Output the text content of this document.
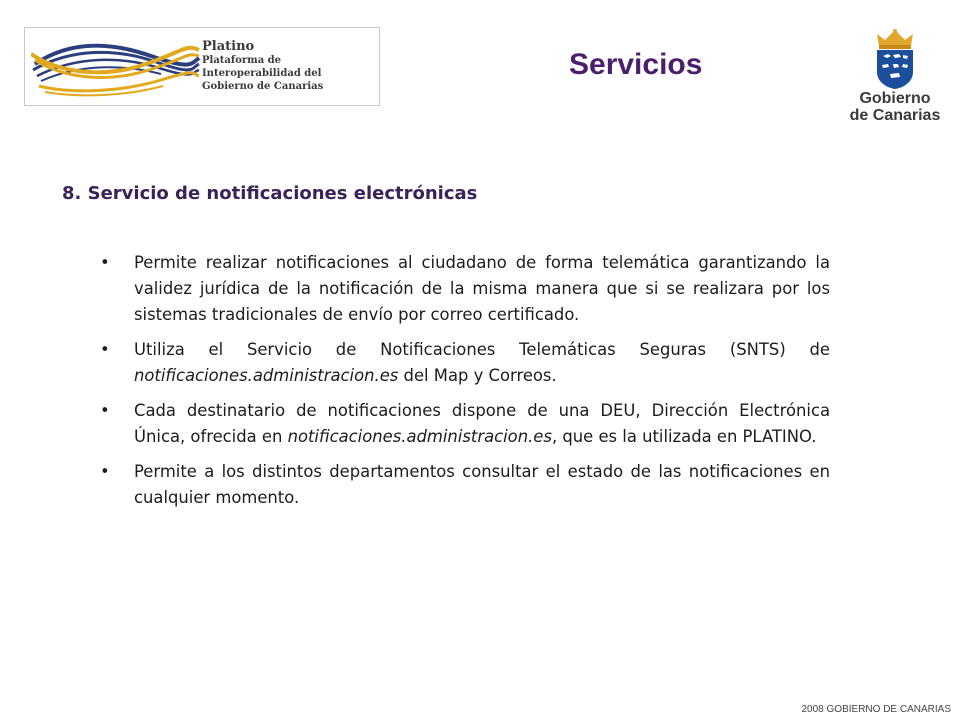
Platino
Plataforma de Interoperabilidad del
Gobierno de Canarias
Servicios
Gobierno
de Canarias
8. Servicio de notificaciones electrónicas
• Permite realizar notificaciones al ciudadano de forma telemática garantizando la validez jurídica de la notificación de la misma manera que si se realizara por los sistemas tradicionales de envío por correo certificado.
• Utiliza el Servicio de Notificaciones Telemáticas Seguras (SNTS) de notificaciones.administracion.es del Map y Correos.
• Cada destinatario de notificaciones dispone de una DEU, Dirección Electrónica Única, ofrecida en notificaciones.administracion.es, que es la utilizada en PLATINO.
• Permite a los distintos departamentos consultar el estado de las notificaciones en cualquier momento.
2008 GOBIERNO DE CANARIAS
